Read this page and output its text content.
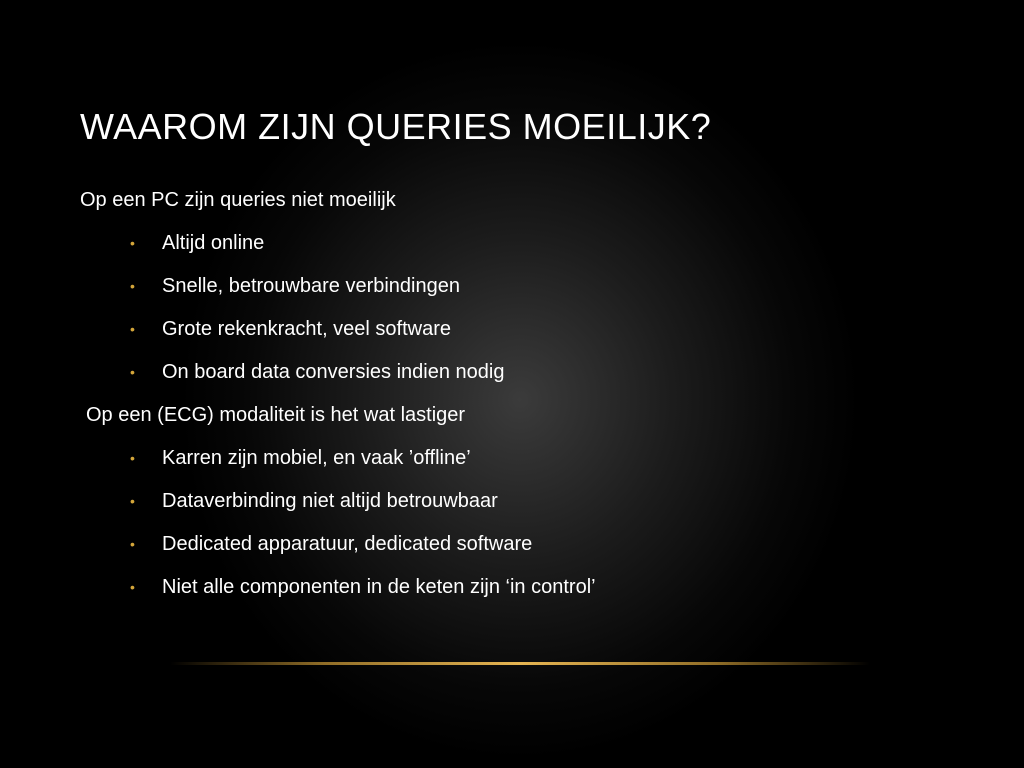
WAAROM ZIJN QUERIES MOEILIJK?

Op een PC zijn queries niet moeilijk

• Altijd online
• Snelle, betrouwbare verbindingen
• Grote rekenkracht, veel software
• On board data conversies indien nodig

Op een (ECG) modaliteit is het wat lastiger

• Karren zijn mobiel, en vaak ’offline’
• Dataverbinding niet altijd betrouwbaar
• Dedicated apparatuur, dedicated software
• Niet alle componenten in de keten zijn ‘in control’
